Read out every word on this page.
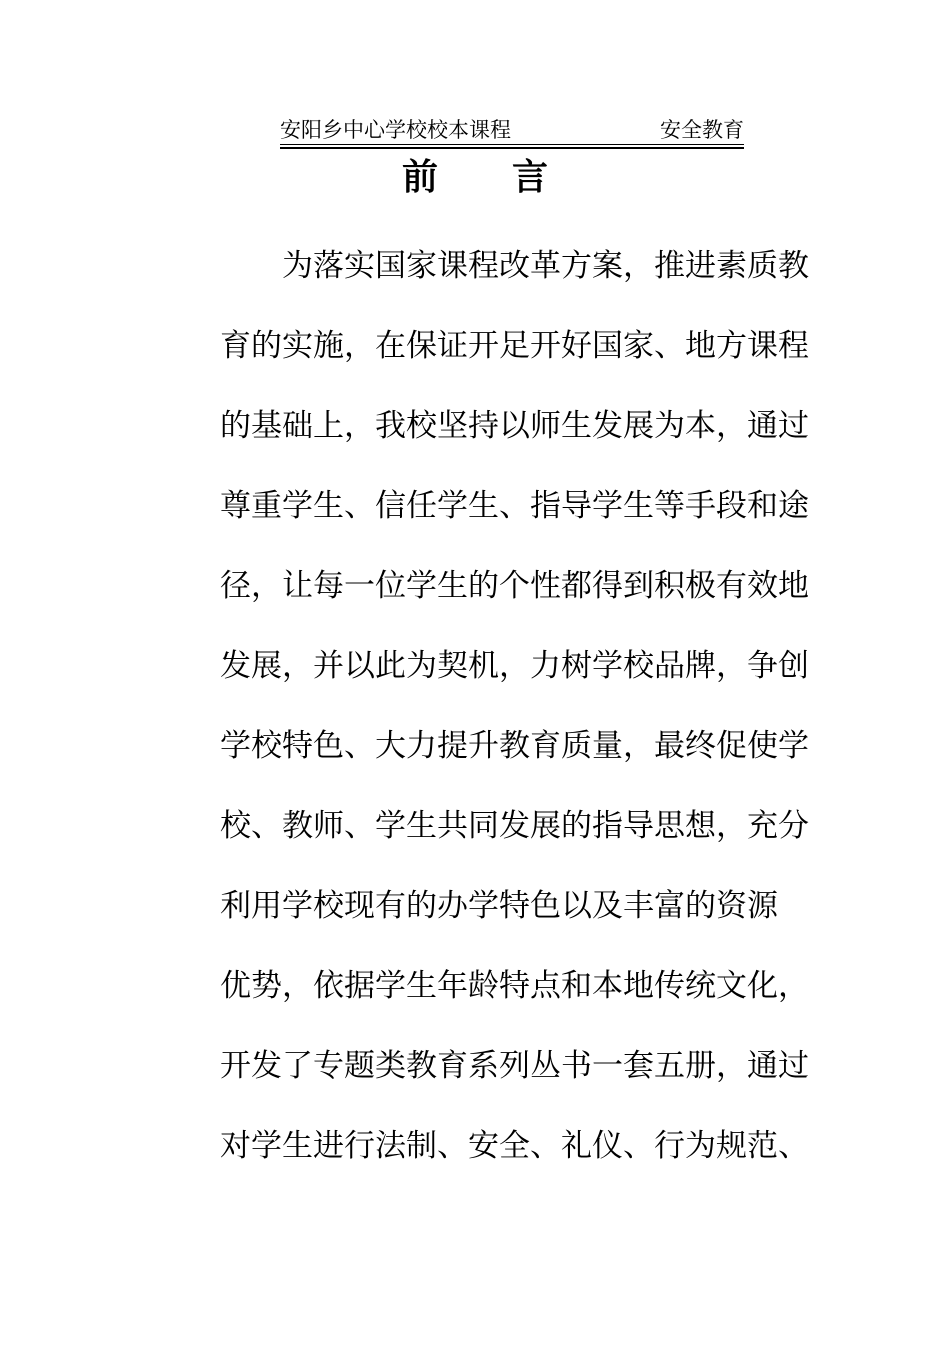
安阳乡中心学校校本课程	安全教育
前 言
为落实国家课程改革方案，推进素质教
育的实施，在保证开足开好国家、地方课程
的基础上，我校坚持以师生发展为本，通过
尊重学生、信任学生、指导学生等手段和途
径，让每一位学生的个性都得到积极有效地
发展，并以此为契机，力树学校品牌，争创
学校特色、大力提升教育质量，最终促使学
校、教师、学生共同发展的指导思想，充分
利用学校现有的办学特色以及丰富的资源
优势，依据学生年龄特点和本地传统文化，
开发了专题类教育系列丛书一套五册，通过
对学生进行法制、安全、礼仪、行为规范、
